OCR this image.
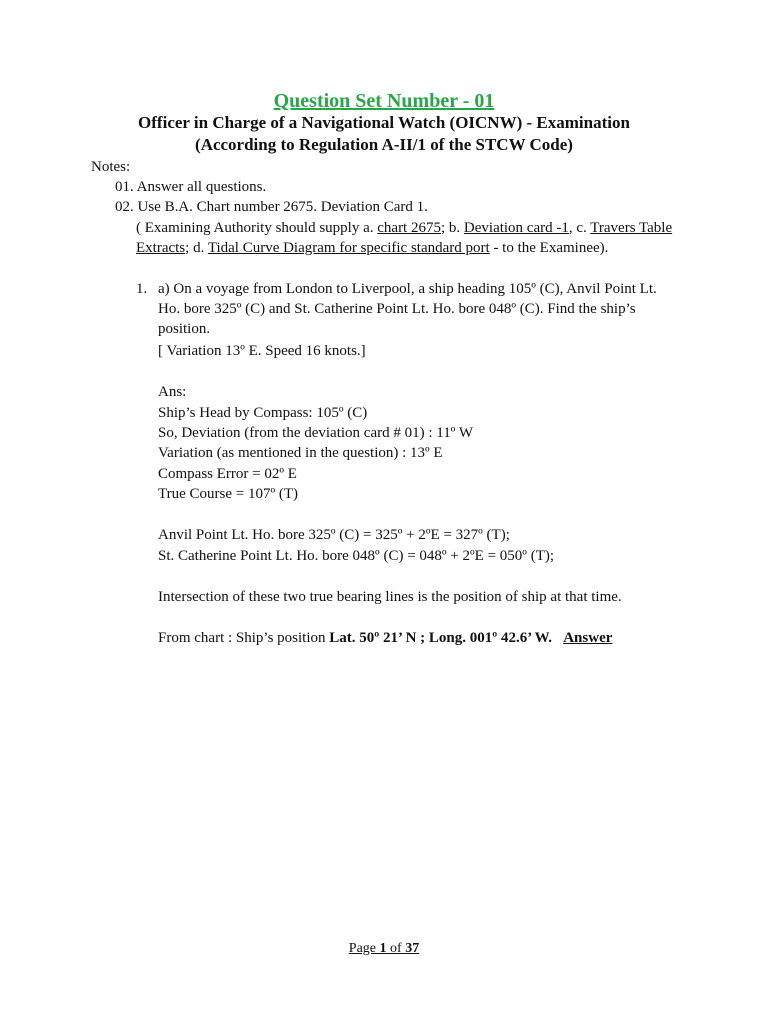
Question Set Number - 01
Officer in Charge of a Navigational Watch (OICNW) - Examination
(According to Regulation A-II/1 of the STCW Code)
Notes:
01. Answer all questions.
02. Use B.A. Chart number 2675. Deviation Card 1.
( Examining Authority should supply a. chart 2675; b. Deviation card -1, c. Travers Table
Extracts; d. Tidal Curve Diagram for specific standard port - to the Examinee).
1. a) On a voyage from London to Liverpool, a ship heading 105º (C), Anvil Point Lt.
Ho. bore 325º (C) and St. Catherine Point Lt. Ho. bore 048º (C). Find the ship’s
position.
[ Variation 13º E. Speed 16 knots.]
Ans:
Ship’s Head by Compass: 105º (C)
So, Deviation (from the deviation card # 01) : 11º W
Variation (as mentioned in the question) : 13º E
Compass Error = 02º E
True Course = 107º (T)
Anvil Point Lt. Ho. bore 325º (C) = 325º + 2ºE = 327º (T);
St. Catherine Point Lt. Ho. bore 048º (C) = 048º + 2ºE = 050º (T);
Intersection of these two true bearing lines is the position of ship at that time.
From chart : Ship’s position Lat. 50º 21’ N ; Long. 001º 42.6’ W. Answer
Page 1 of 37
